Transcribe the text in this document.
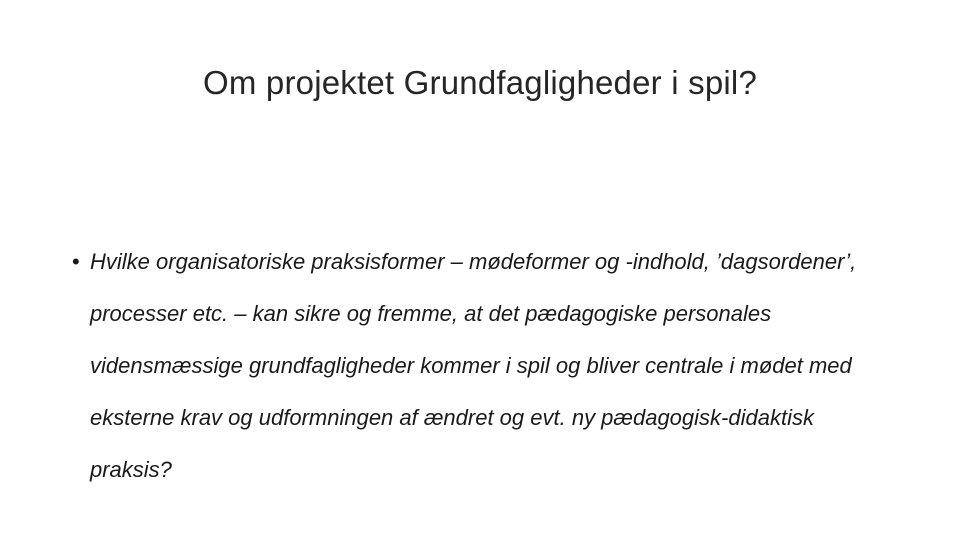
Om projektet Grundfagligheder i spil?
• Hvilke organisatoriske praksisformer – mødeformer og -indhold, ’dagsordener’, processer etc. – kan sikre og fremme, at det pædagogiske personales vidensmæssige grundfagligheder kommer i spil og bliver centrale i mødet med eksterne krav og udformningen af ændret og evt. ny pædagogisk-didaktisk praksis?
